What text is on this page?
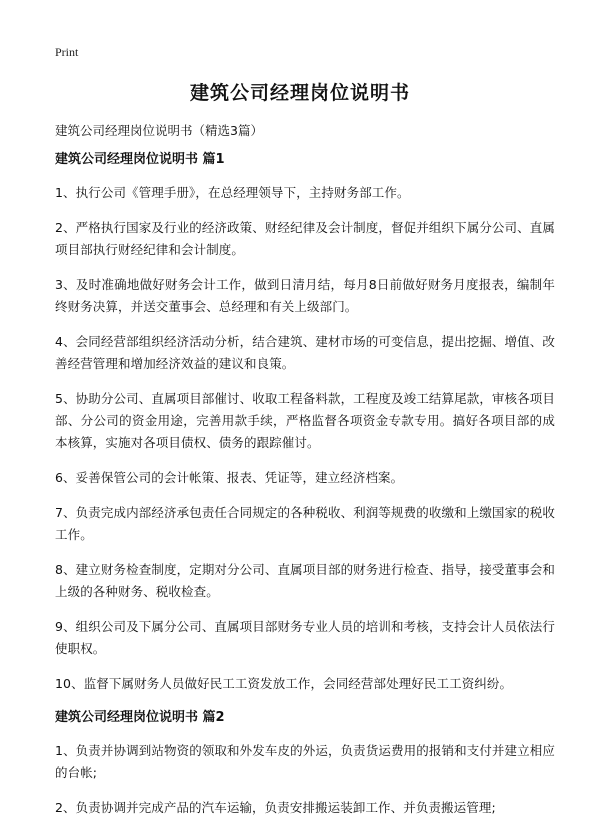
Print
建筑公司经理岗位说明书

建筑公司经理岗位说明书（精选3篇）

建筑公司经理岗位说明书 篇1

1、执行公司《管理手册》，在总经理领导下，主持财务部工作。

2、严格执行国家及行业的经济政策、财经纪律及会计制度，督促并组织下属分公司、直属项目部执行财经纪律和会计制度。

3、及时准确地做好财务会计工作，做到日清月结，每月8日前做好财务月度报表，编制年终财务决算，并送交董事会、总经理和有关上级部门。

4、会同经营部组织经济活动分析，结合建筑、建材市场的可变信息，提出挖掘、增值、改善经营管理和增加经济效益的建议和良策。

5、协助分公司、直属项目部催讨、收取工程备料款，工程度及竣工结算尾款，审核各项目部、分公司的资金用途，完善用款手续，严格监督各项资金专款专用。搞好各项目部的成本核算，实施对各项目债权、债务的跟踪催讨。

6、妥善保管公司的会计帐策、报表、凭证等，建立经济档案。

7、负责完成内部经济承包责任合同规定的各种税收、利润等规费的收缴和上缴国家的税收工作。

8、建立财务检查制度，定期对分公司、直属项目部的财务进行检查、指导，接受董事会和上级的各种财务、税收检查。

9、组织公司及下属分公司、直属项目部财务专业人员的培训和考核，支持会计人员依法行使职权。

10、监督下属财务人员做好民工工资发放工作，会同经营部处理好民工工资纠纷。

建筑公司经理岗位说明书 篇2

1、负责并协调到站物资的领取和外发车皮的外运，负责货运费用的报销和支付并建立相应的台帐;

2、负责协调并完成产品的汽车运输，负责安排搬运装卸工作、并负责搬运管理;
